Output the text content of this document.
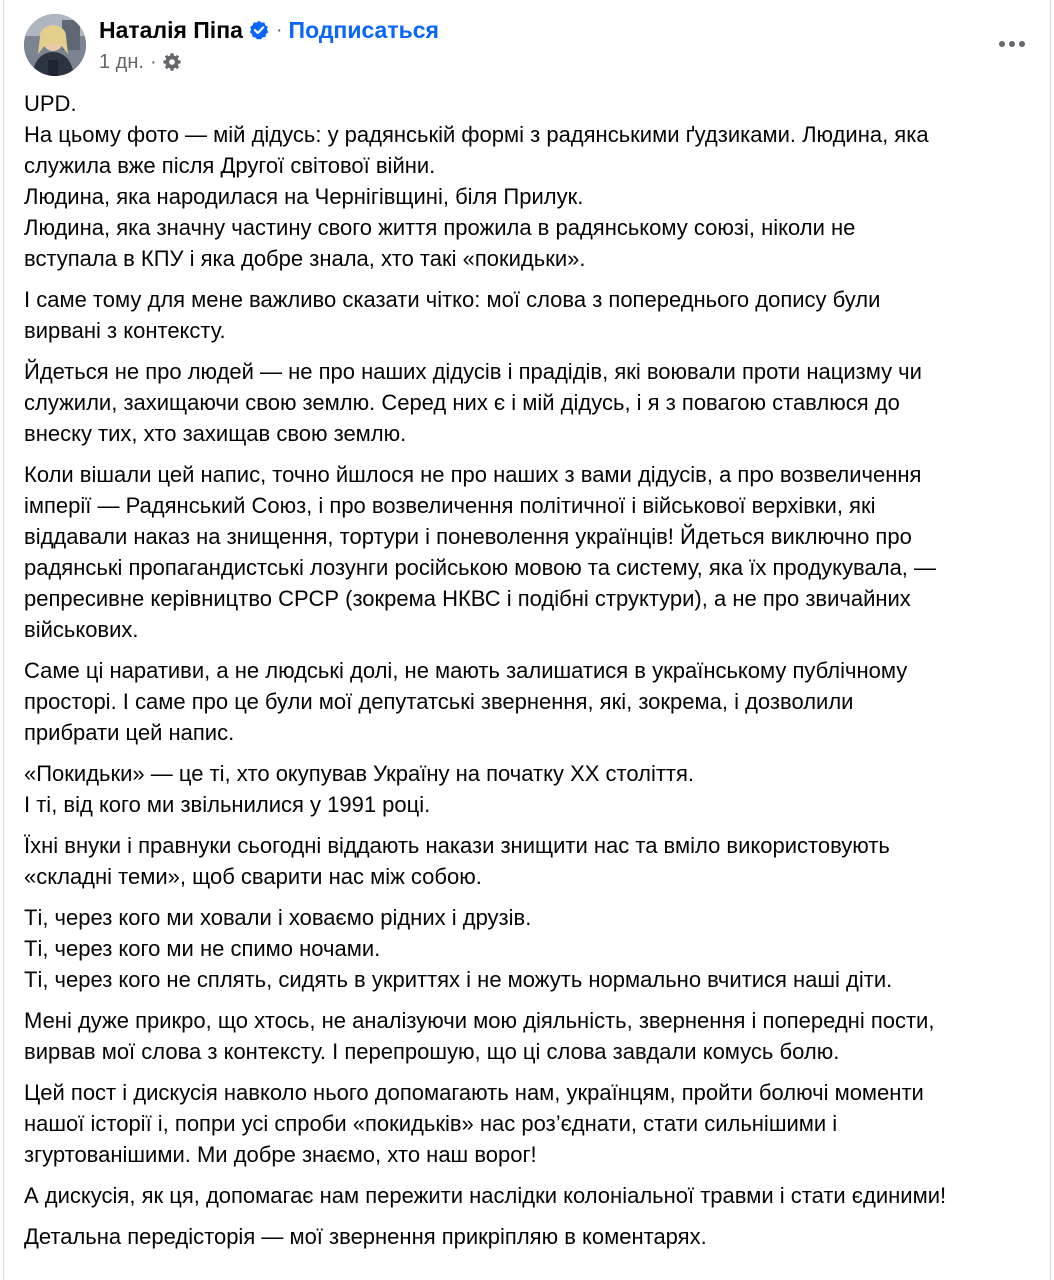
Наталія Піпа · Подписаться
1 дн. ·
UPD.
На цьому фото — мій дідусь: у радянській формі з радянськими ґудзиками. Людина, яка
служила вже після Другої світової війни.
Людина, яка народилася на Чернігівщині, біля Прилук.
Людина, яка значну частину свого життя прожила в радянському союзі, ніколи не
вступала в КПУ і яка добре знала, хто такі «покидьки».
І саме тому для мене важливо сказати чітко: мої слова з попереднього допису були
вирвані з контексту.
Йдеться не про людей — не про наших дідусів і прадідів, які воювали проти нацизму чи
служили, захищаючи свою землю. Серед них є і мій дідусь, і я з повагою ставлюся до
внеску тих, хто захищав свою землю.
Коли вішали цей напис, точно йшлося не про наших з вами дідусів, а про возвеличення
імперії — Радянський Союз, і про возвеличення політичної і військової верхівки, які
віддавали наказ на знищення, тортури і поневолення українців! Йдеться виключно про
радянські пропагандистські лозунги російською мовою та систему, яка їх продукувала, —
репресивне керівництво СРСР (зокрема НКВС і подібні структури), а не про звичайних
військових.
Саме ці наративи, а не людські долі, не мають залишатися в українському публічному
просторі. І саме про це були мої депутатські звернення, які, зокрема, і дозволили
прибрати цей напис.
«Покидьки» — це ті, хто окупував Україну на початку ХХ століття.
І ті, від кого ми звільнилися у 1991 році.
Їхні внуки і правнуки сьогодні віддають накази знищити нас та вміло використовують
«складні теми», щоб сварити нас між собою.
Ті, через кого ми ховали і ховаємо рідних і друзів.
Ті, через кого ми не спимо ночами.
Ті, через кого не сплять, сидять в укриттях і не можуть нормально вчитися наші діти.
Мені дуже прикро, що хтось, не аналізуючи мою діяльність, звернення і попередні пости,
вирвав мої слова з контексту. І перепрошую, що ці слова завдали комусь болю.
Цей пост і дискусія навколо нього допомагають нам, українцям, пройти болючі моменти
нашої історії і, попри усі спроби «покидьків» нас роз’єднати, стати сильнішими і
згуртованішими. Ми добре знаємо, хто наш ворог!
А дискусія, як ця, допомагає нам пережити наслідки колоніальної травми і стати єдиними!
Детальна передісторія — мої звернення прикріпляю в коментарях.
